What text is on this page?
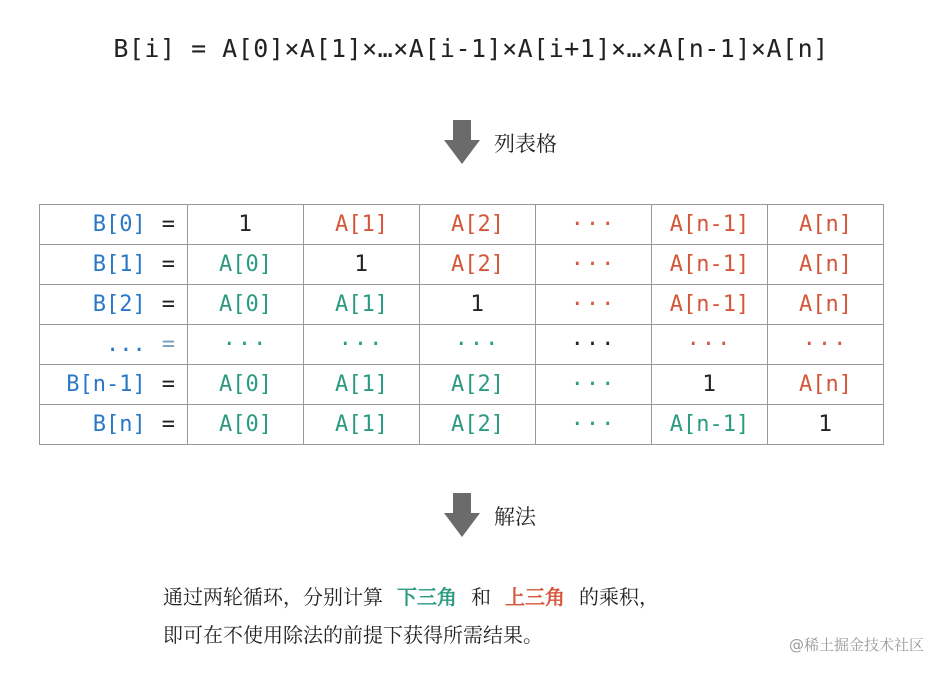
B[i] = A[0]×A[1]×…×A[i-1]×A[i+1]×…×A[n-1]×A[n]
列表格
B[0] =	1	A[1]	A[2]	···	A[n-1]	A[n]
B[1] =	A[0]	1	A[2]	···	A[n-1]	A[n]
B[2] =	A[0]	A[1]	1	···	A[n-1]	A[n]
... =	···	···	···	···	···	···
B[n-1] =	A[0]	A[1]	A[2]	···	1	A[n]
B[n] =	A[0]	A[1]	A[2]	···	A[n-1]	1
解法
通过两轮循环，分别计算 下三角 和 上三角 的乘积，
即可在不使用除法的前提下获得所需结果。	@稀土掘金技术社区
